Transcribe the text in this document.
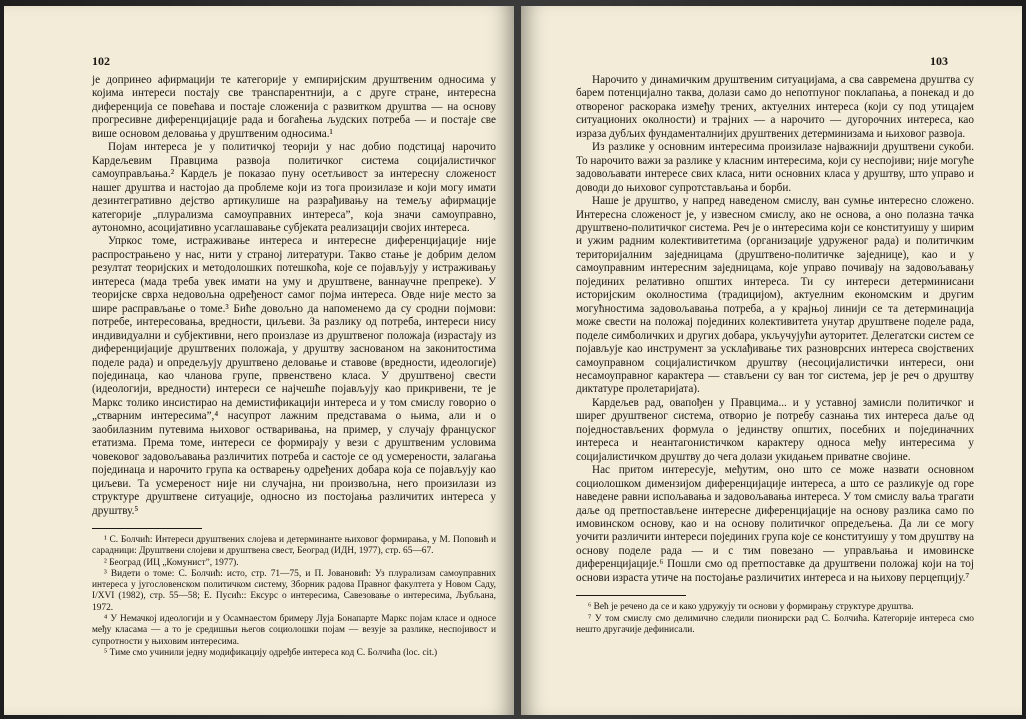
102

је допринео афирмацији те категорије у емпиријским друштвеним односима у којима интереси постају све транспарентнији, а с друге стране, интересна диференција се повећава и постаје сложенија с развитком друштва — на основу прогресивне диференцијације рада и богаћења људских потреба — и постаје све више основом деловања у друштвеним односима.¹

Појам интереса је у политичкој теорији у нас добио подстицај нарочито Кардељевим Правцима развоја политичког система социјалистичког самоуправљања.² Кардељ је показао пуну осетљивост за интересну сложеност нашег друштва и настојао да проблеме који из тога произилазе и који могу имати дезинтегративно дејство артикулише на разрађивању на темељу афирмације категорије „плурализма самоуправних интереса”, која значи самоуправно, аутономно, асоцијативно усаглашавање субјеката реализацији својих интереса.

Упркос томе, истраживање интереса и интересне диференцијације није распрострањено у нас, нити у страној литератури. Такво стање је добрим делом резултат теоријских и методолошких потешкоћа, које се појављују у истраживању интереса (мада треба увек имати на уму и друштвене, ваннаучне препреке). У теоријске сврха недовољна одређеност самог појма интереса. Овде није место за шире расправљање о томе.³ Биће довољно да напоменемо да су сродни појмови: потребе, интересовања, вредности, циљеви. За разлику од потреба, интереси нису индивидуални и субјективни, него произлазе из друштвеног положаја (израстају из диференцијације друштвених положаја, у друштву заснованом на законитостима поделе рада) и опредељују друштвено деловање и ставове (вредности, идеологије) појединаца, као чланова групе, првенствено класа. У друштвеној свести (идеологији, вредности) интереси се најчешће појављују као прикривени, те је Маркс толико инсистирао на демистификацији интереса и у том смислу говорио о „стварним интересима”,⁴ насупрот лажним представама о њима, али и о заобилазним путевима њиховог остваривања, на пример, у случају француског етатизма. Према томе, интереси се формирају у вези с друштвеним условима човековог задовољавања различитих потреба и састоје се од усмерености, залагања појединаца и нарочито група ка остварењу одређених добара која се појављују као циљеви. Та усмереност није ни случајна, ни произвољна, него произилази из структуре друштвене ситуације, односно из постојања различитих интереса у друштву.⁵

¹ С. Болчић: Интереси друштвених слојева и детерминанте њиховог формирања, у М. Поповић и сарадници: Друштвени слојеви и друштвена свест, Београд (ИДН, 1977), стр. 65—67.

² Београд (ИЦ „Комунист”, 1977).

³ Видети о томе: С. Болчић: исто, стр. 71—75, и П. Јовановић: Уз плурализам самоуправних интереса у југословенском политичком систему, Зборник радова Правног факултета у Новом Саду, I/XVI (1982), стр. 55—58; Е. Пусић:: Ексурс о интересима, Савезовање о интересима, Љубљана, 1972.

⁴ У Немачкој идеологији и у Осамнаестом бримеру Луја Бонапарте Маркс појам класе и односе међу класама — а то је средишњи његов социолошки појам — везује за разлике, неспојивост и супротности у њиховим интересима.

⁵ Тиме смо учинили једну модификацију одређбе интереса код С. Болчића (loc. cit.)

103

Нарочито у динамичким друштвеним ситуацијама, а сва савремена друштва су барем потенцијално таква, долази само до непотпуног поклапања, а понекад и до отвореног раскорака између трених, актуелних интереса (који су под утицајем ситуационих околности) и трајних — а нарочито — дугорочних интереса, као израза дубљих фундаменталнијих друштвених детерминизама и њиховог развоја.

Из разлике у основним интересима произилазе најважнији друштвени сукоби. То нарочито важи за разлике у класним интересима, који су неспојиви; није могуће задовољавати интересе свих класа, нити основних класа у друштву, што управо и доводи до њиховог супротстављања и борби.

Наше је друштво, у напред наведеном смислу, ван сумње интересно сложено. Интересна сложеност је, у извесном смислу, ако не основа, а оно полазна тачка друштвено-политичког система. Реч је о интересима који се конституишу у ширим и ужим радним колективитетима (организације удруженог рада) и политичким територијалним заједницама (друштвено-политичке заједнице), као и у самоуправним интересним заједницама, које управо почивају на задовољавању појединих релативно општих интереса. Ти су интереси детерминисани историјским околностима (традицијом), актуелним економским и другим могућностима задовољавања потреба, а у крајњој линији се та детерминација може свести на положај појединих колективитета унутар друштвене поделе рада, поделе симболичких и других добара, укључујући ауторитет. Делегатски систем се појављује као инструмент за усклађивање тих разноврсних интереса својствених самоуправном социјалистичком друштву (несоцијалистички интереси, они несамоуправног карактера — стављени су ван тог система, јер је реч о друштву диктатуре пролетаријата).

Кардељев рад, овапођен у Правцима... и у уставној замисли политичког и ширег друштвеног система, отворио је потребу сазнања тих интереса даље од поједностављених формула о јединству општих, посебних и појединачних интереса и неантагонистичком карактеру односа међу интересима у социјалистичком друштву до чега долази укидањем приватне својине.

Нас притом интересује, међутим, оно што се може назвати основном социолошком димензијом диференцијације интереса, а што се разликује од горе наведене равни испољавања и задовољавања интереса. У том смислу ваља трагати даље од претпостављене интересне диференцијације на основу разлика само по имовинском основу, као и на основу политичког опредељења. Да ли се могу уочити различити интереси појединих група које се конституишу у том друштву на основу поделе рада — и с тим повезано — управљања и имовинске диференцијације.⁶ Пошли смо од претпоставке да друштвени положај који на тој основи израста утиче на постојање различитих интереса и на њихову перцепцију.⁷

⁶ Већ је речено да се и како удружују ти основи у формирању структуре друштва.

⁷ У том смислу смо делимично следили пионирски рад С. Болчића. Категорије интереса смо нешто другачије дефинисали.
